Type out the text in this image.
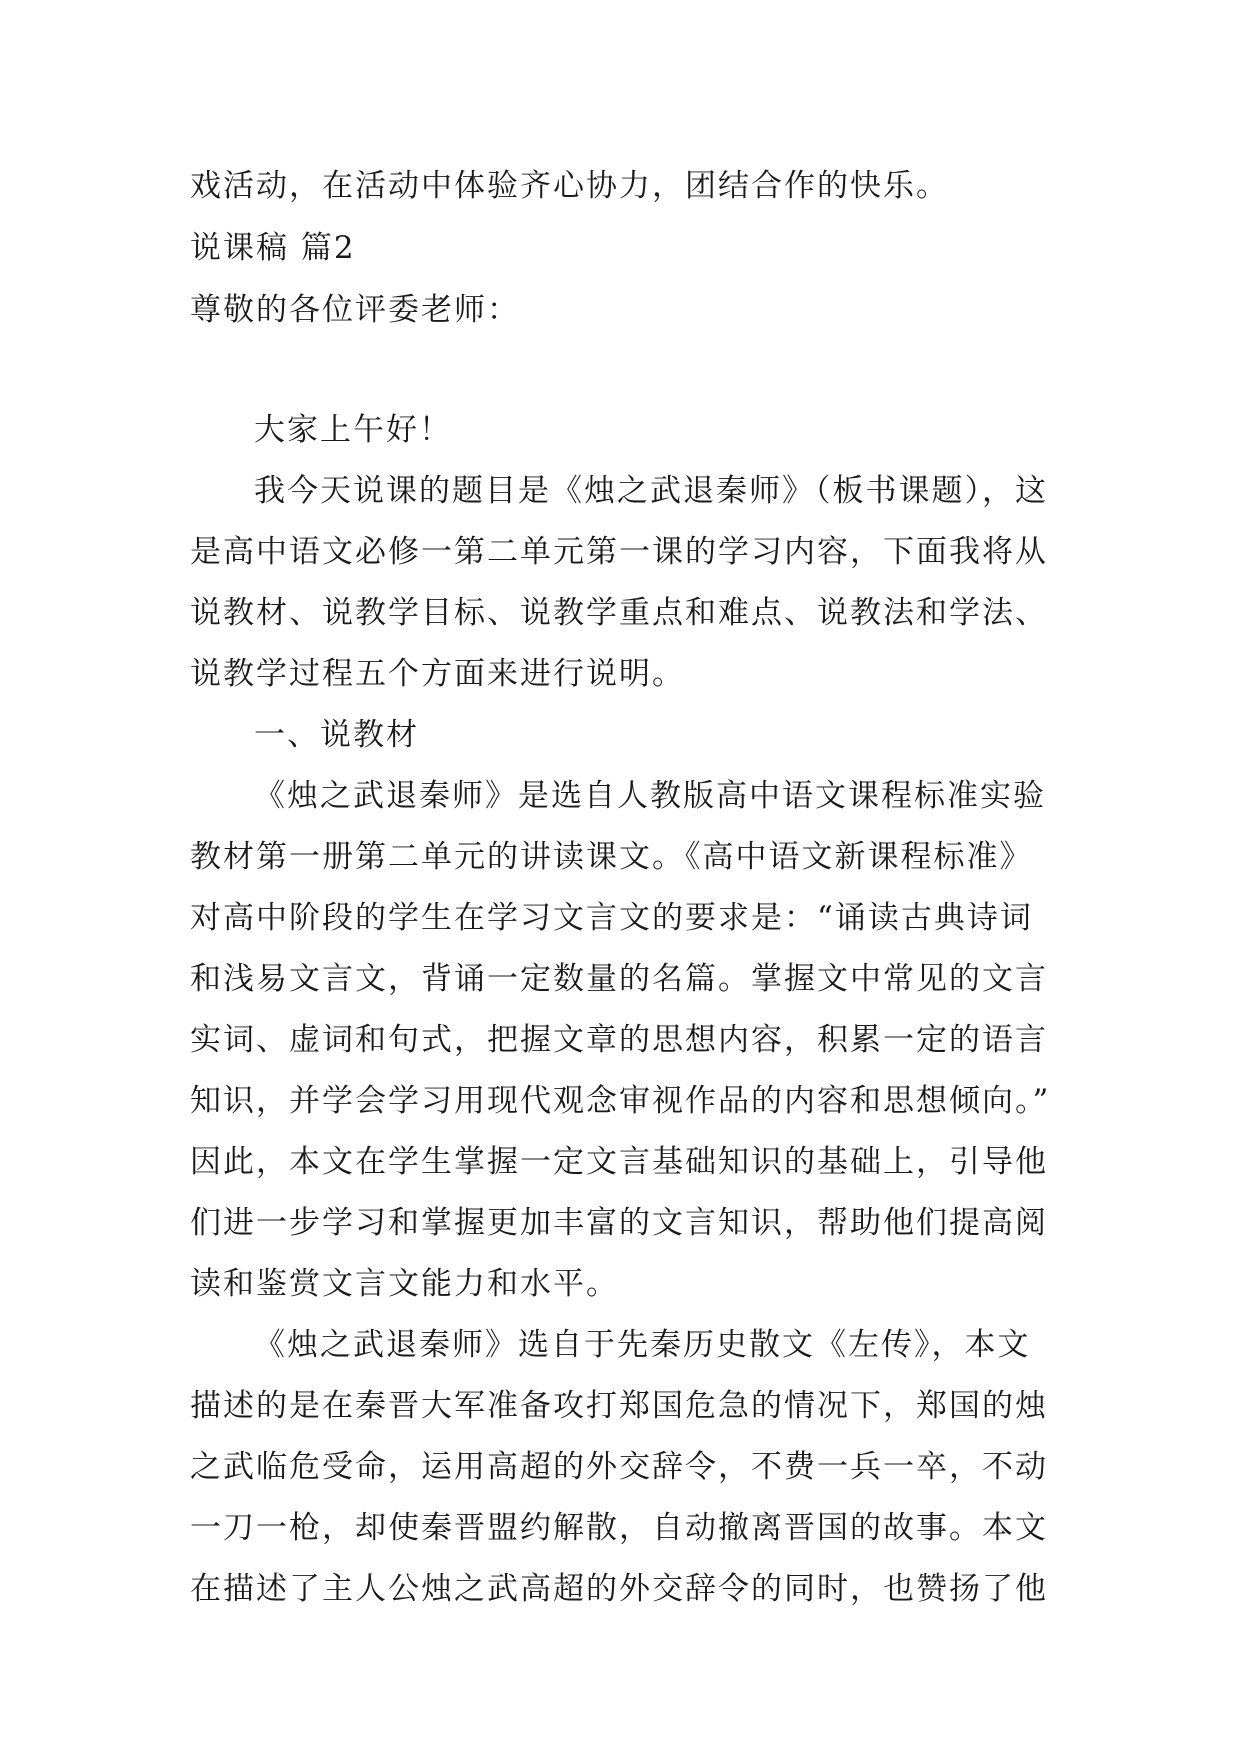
戏活动，在活动中体验齐心协力，团结合作的快乐。
说课稿 篇2
尊敬的各位评委老师：
大家上午好！
我今天说课的题目是《烛之武退秦师》（板书课题），这
是高中语文必修一第二单元第一课的学习内容，下面我将从
说教材、说教学目标、说教学重点和难点、说教法和学法、
说教学过程五个方面来进行说明。
一、说教材
《烛之武退秦师》是选自人教版高中语文课程标准实验
教材第一册第二单元的讲读课文。《高中语文新课程标准》
对高中阶段的学生在学习文言文的要求是：“诵读古典诗词
和浅易文言文，背诵一定数量的名篇。掌握文中常见的文言
实词、虚词和句式，把握文章的思想内容，积累一定的语言
知识，并学会学习用现代观念审视作品的内容和思想倾向。”
因此，本文在学生掌握一定文言基础知识的基础上，引导他
们进一步学习和掌握更加丰富的文言知识，帮助他们提高阅
读和鉴赏文言文能力和水平。
《烛之武退秦师》选自于先秦历史散文《左传》，本文
描述的是在秦晋大军准备攻打郑国危急的情况下，郑国的烛
之武临危受命，运用高超的外交辞令，不费一兵一卒，不动
一刀一枪，却使秦晋盟约解散，自动撤离晋国的故事。本文
在描述了主人公烛之武高超的外交辞令的同时，也赞扬了他
